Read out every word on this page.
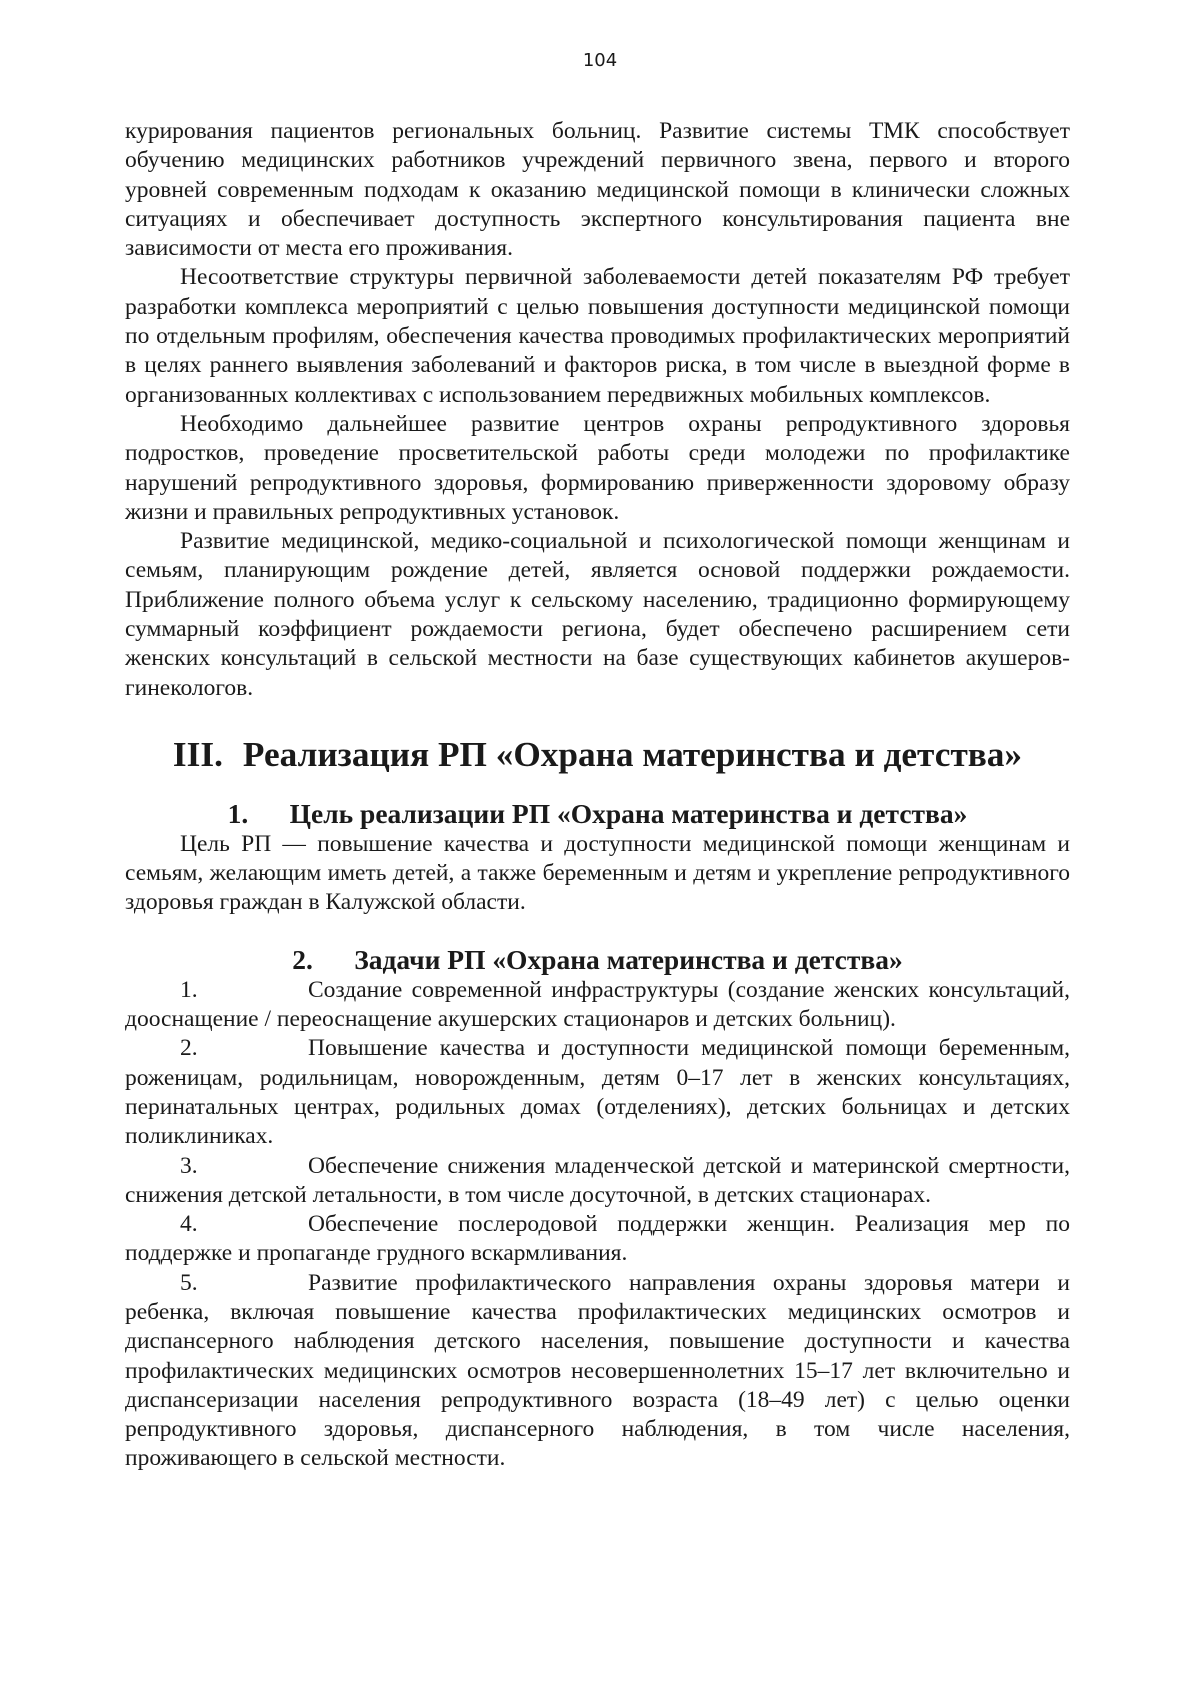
104

курирования пациентов региональных больниц. Развитие системы ТМК способствует обучению медицинских работников учреждений первичного звена, первого и второго уровней современным подходам к оказанию медицинской помощи в клинически сложных ситуациях и обеспечивает доступность экспертного консультирования пациента вне зависимости от места его проживания.

Несоответствие структуры первичной заболеваемости детей показателям РФ требует разработки комплекса мероприятий с целью повышения доступности медицинской помощи по отдельным профилям, обеспечения качества проводимых профилактических мероприятий в целях раннего выявления заболеваний и факторов риска, в том числе в выездной форме в организованных коллективах с использованием передвижных мобильных комплексов.

Необходимо дальнейшее развитие центров охраны репродуктивного здоровья подростков, проведение просветительской работы среди молодежи по профилактике нарушений репродуктивного здоровья, формированию приверженности здоровому образу жизни и правильных репродуктивных установок.

Развитие медицинской, медико-социальной и психологической помощи женщинам и семьям, планирующим рождение детей, является основой поддержки рождаемости. Приближение полного объема услуг к сельскому населению, традиционно формирующему суммарный коэффициент рождаемости региона, будет обеспечено расширением сети женских консультаций в сельской местности на базе существующих кабинетов акушеров-гинекологов.

III. Реализация РП «Охрана материнства и детства»
1. Цель реализации РП «Охрана материнства и детства»

Цель РП — повышение качества и доступности медицинской помощи женщинам и семьям, желающим иметь детей, а также беременным и детям и укрепление репродуктивного здоровья граждан в Калужской области.

2. Задачи РП «Охрана материнства и детства»

1.	Создание современной инфраструктуры (создание женских консультаций, дооснащение / переоснащение акушерских стационаров и детских больниц).

2.	Повышение качества и доступности медицинской помощи беременным, роженицам, родильницам, новорожденным, детям 0–17 лет в женских консультациях, перинатальных центрах, родильных домах (отделениях), детских больницах и детских поликлиниках.

3.	Обеспечение снижения младенческой детской и материнской смертности, снижения детской летальности, в том числе досуточной, в детских стационарах.

4.	Обеспечение послеродовой поддержки женщин. Реализация мер по поддержке и пропаганде грудного вскармливания.

5.	Развитие профилактического направления охраны здоровья матери и ребенка, включая повышение качества профилактических медицинских осмотров и диспансерного наблюдения детского населения, повышение доступности и качества профилактических медицинских осмотров несовершеннолетних 15–17 лет включительно и диспансеризации населения репродуктивного возраста (18–49 лет) с целью оценки репродуктивного здоровья, диспансерного наблюдения, в том числе населения, проживающего в сельской местности.
